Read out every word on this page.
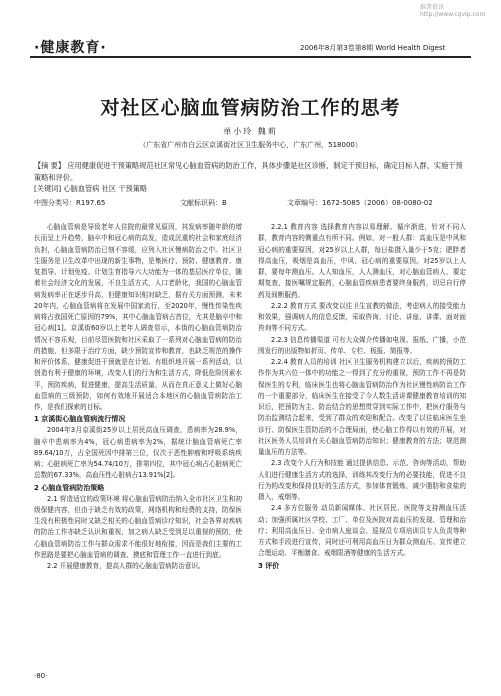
维普资讯 http://www.cqvip.com
·健康教育·	2006年8月第3卷第8期 World Health Digest
对社区心脑血管病防治工作的思考
单小玲 魏莉
（广东省广州市白云区京溪街社区卫生服务中心，广东广州，518000）
【摘 要】 应用健康促进干预策略规范社区常见心脑血管病的防治工作，具体步骤是社区诊断，制定干预目标，确定目标人群，实施干预策略和评价。
[关键词] 心脑血管病 社区 干预策略
中图分类号：R197.65	文献标识码：B	文章编号：1672-5085（2006）08-0080-02

心脑血管病是导致老年人住院的最常见原因，其发病率随年龄的增长而呈上升趋势，脑卒中和冠心病的高发，造成沉重的社会和家庭经济负担，心脑血管病防治已刻不容缓，应列入社区慢病防治之中。社区卫生服务是卫生改革中出现的新生事物，是集医疗、预防、健康教育、康复指导、计划免疫、计划生育指导六大功能为一体的基层医疗单位，随着社会经济文化的发展，不良生活方式，人口老龄化，我国的心脑血管病发病率正在逐步升高，但健康知识相对缺乏，据有关方面预测，未来20年内，心脑血管病将在发展中国家流行，至2020年，慢性传染性疾病将占我国死亡原因的79%，其中心脑血管病占首位，尤其是脑卒中和冠心病[1]。京溪街60岁以上老年人调查显示，本街的心脑血管病防治情况不容乐观，目前尽管医院和社区采取了一系列对心脑血管病的防治的措施，但多限于治疗方面，缺少预防宣传和教育，也缺乏规范的操作和评价体系，健康促进干预就是在计划、有组织地开展一系列活动，以创造有利于健康的环境，改变人们的行为和生活方式，降低危险因素水平，预防疾病，促进健康，提高生活质量，从而在真正意义上做好心脑血管病的三级预防，如何有效地开展适合本地区的心脑血管病防治工作，是我们探索的目标。

1 京溪街心脑血管病流行情况

2004年3月京溪街25岁以上居民高血压调查，患病率为28.9%，脑卒中患病率为4%，冠心病患病率为2%，据统计脑血管病死亡率89.64/10万，占全国死因中排第三位，仅次于恶性肿瘤和呼吸系统疾病；心脏病死亡率为54.74/10万，排第四位，其中冠心病占心脏病死亡总数的67.33%，高血压性心脏病占13.91%[2]。

2 心脑血管病防治策略

2.1 营造适宜的政策环境 将心脑血管病防治纳入全市社区卫生和初级保健内容，但由于缺乏有效的政策，网络机构和经费的支持，防保医生没有积极性同时又缺乏相关的心脑血管病诊疗知识，社会各界对疾病的防治工作亦缺乏认识和重视，加之病人缺乏受到足以重视的预防，使心脑血管病防治工作与群众需求不能很好地衔接，因而是我们主要的工作思路是要把心脑血管病的调查、摸底和管理工作一直进行到底。

2.2 开展健康教育，提高人群的心脑血管病防治意识。

2.2.1 教育内容 选择教育内容以易理解、循序渐进，针对不同人群，教育内容的侧重点有所不同。例如，对一般人群：高血压是中风和冠心病的重要原因，对25岁以上人群，每日盐摄入量少于5克；肥胖者得高血压，吸烟是高血压，中风、冠心病的重要原因。对25岁以上人群，要每年测血压。人人知血压，人人测血压，对心脑血管病人，要定期复查，接医嘱规定服药，心脑血管疾病患者要终身服药，切忌自行停药及间断服药。

2.2.2 教育方式 要改变以往卫生宣教的做法，考虑病人的接受能力和效果，强调病人的信息反馈，采取咨询、讨论、讲座、讲课、面对面咨询等不同方式。

2.2.3 信息传播渠道 可有大众媒介传播如电视、报纸、广播，小范围发行的出版物如折页、传单、专栏、板报、简报等。

2.2.4 教育人员的培训 社区卫生服务机构建立以后，疾病的预防工作作为其六位一体中的功能之一得到了充分的重视，预防工作不再是防保医生的专利，临床医生也将心脑血管病防治作为社区慢性病防治工作的一个重要部分，临床医生在接受了今人数生活讲课健康教育培训的知识后，把预防为主、防治结合的思想贯穿到实际工作中，把医疗服务与防治监测结合起来，受到了群众的欢迎和配合。改变了以往临床医生坐诊行、防保医生管防治的不合理局面，使心脑工作得以有效的开展，对社区医务人员培训有关心脑血管病防治知识；健康教育的方法；规范测量血压的方法等。

2.3 改变个人行为和技能 通过提供信息、示范、咨询等活动，帮助人们进行健康生活方式的选择，训练其改变行为的必要技能，促进不良行为的改变和保持良好的生活方式，参加体育锻炼，减少脂肪和食盐的摄入，戒烟等。

2.4 多方位服务 动员新闻媒体、社区居民、医院等支持测血压活动；加强所属社区学校、工厂、单位及医院对高血压的发现、管理和治疗；利用高血压日、全市病人座谈会、巡视员专项培训员专人负责等种方式和手段进行宣传，同时还可利用高血压日为群众测血压、宣传建立合理运动、平衡膳食、戒烟限酒等健康的生活方式。

3 评价
·80·
